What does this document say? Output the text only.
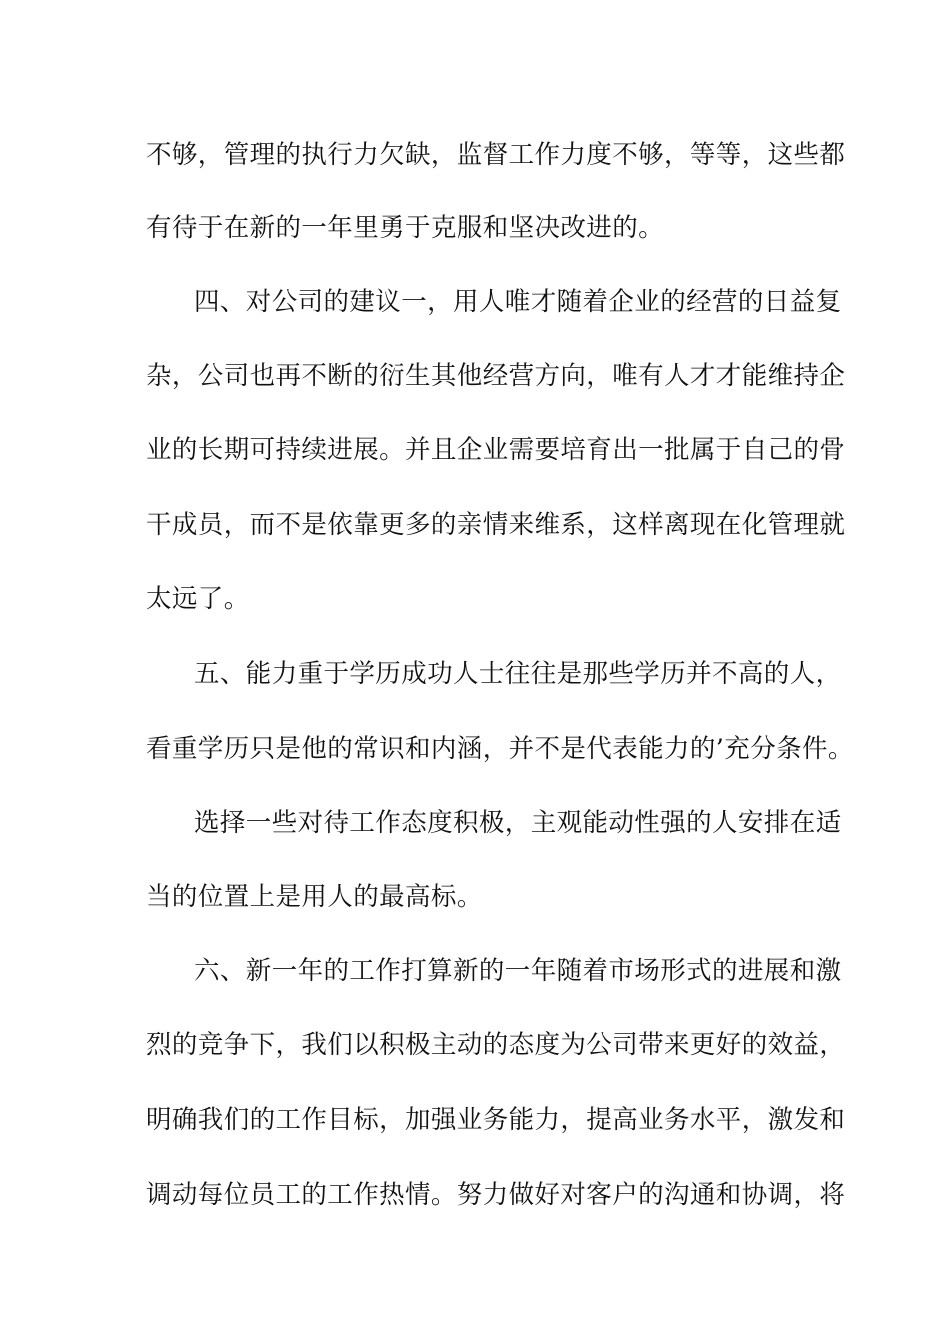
不够，管理的执行力欠缺，监督工作力度不够，等等，这些都
有待于在新的一年里勇于克服和坚决改进的。
四、对公司的建议一，用人唯才随着企业的经营的日益复
杂，公司也再不断的衍生其他经营方向，唯有人才才能维持企
业的长期可持续进展。并且企业需要培育出一批属于自己的骨
干成员，而不是依靠更多的亲情来维系，这样离现在化管理就
太远了。
五、能力重于学历成功人士往往是那些学历并不高的人，
看重学历只是他的常识和内涵，并不是代表能力的’充分条件。
选择一些对待工作态度积极，主观能动性强的人安排在适
当的位置上是用人的最高标。
六、新一年的工作打算新的一年随着市场形式的进展和激
烈的竞争下，我们以积极主动的态度为公司带来更好的效益，
明确我们的工作目标，加强业务能力，提高业务水平，激发和
调动每位员工的工作热情。努力做好对客户的沟通和协调，将
